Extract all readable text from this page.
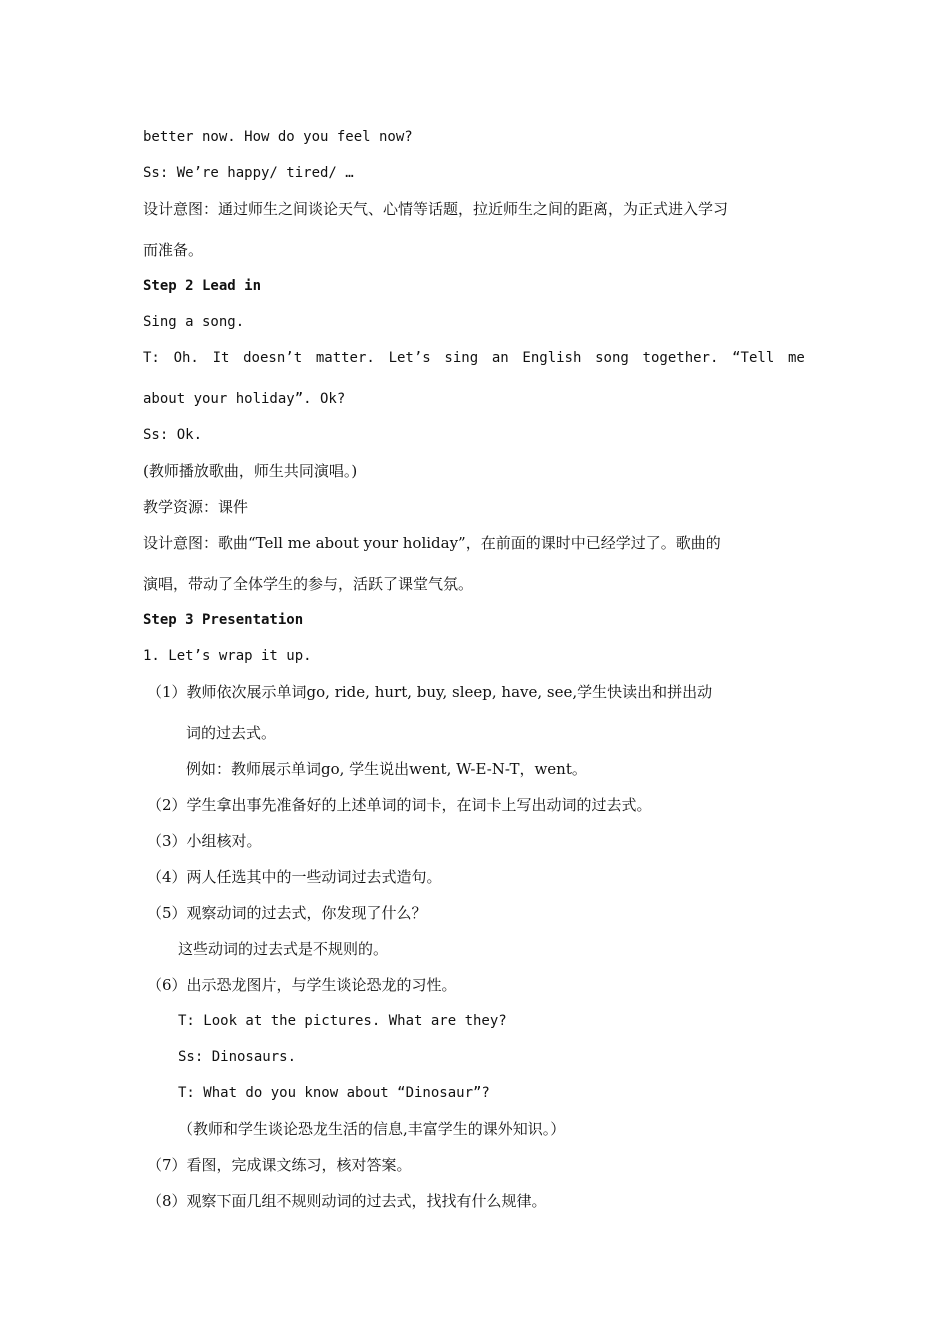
better now. How do you feel now?
Ss: We’re happy/ tired/ …
设计意图：通过师生之间谈论天气、心情等话题，拉近师生之间的距离，为正式进入学习
而准备。
Step 2 Lead in
Sing a song.
T: Oh. It doesn’t matter. Let’s sing an English song together. “Tell me
about your holiday”. Ok?
Ss: Ok.
(教师播放歌曲，师生共同演唱。)
教学资源：课件
设计意图：歌曲“Tell me about your holiday”，在前面的课时中已经学过了。歌曲的
演唱，带动了全体学生的参与，活跃了课堂气氛。
Step 3 Presentation
1. Let’s wrap it up.
（1）教师依次展示单词go, ride, hurt, buy, sleep, have, see,学生快读出和拼出动
词的过去式。
例如：教师展示单词go, 学生说出went, W-E-N-T，went。
（2）学生拿出事先准备好的上述单词的词卡，在词卡上写出动词的过去式。
（3）小组核对。
（4）两人任选其中的一些动词过去式造句。
（5）观察动词的过去式，你发现了什么？
这些动词的过去式是不规则的。
（6）出示恐龙图片，与学生谈论恐龙的习性。
T: Look at the pictures. What are they?
Ss: Dinosaurs.
T: What do you know about “Dinosaur”?
（教师和学生谈论恐龙生活的信息,丰富学生的课外知识。）
（7）看图，完成课文练习，核对答案。
（8）观察下面几组不规则动词的过去式，找找有什么规律。
